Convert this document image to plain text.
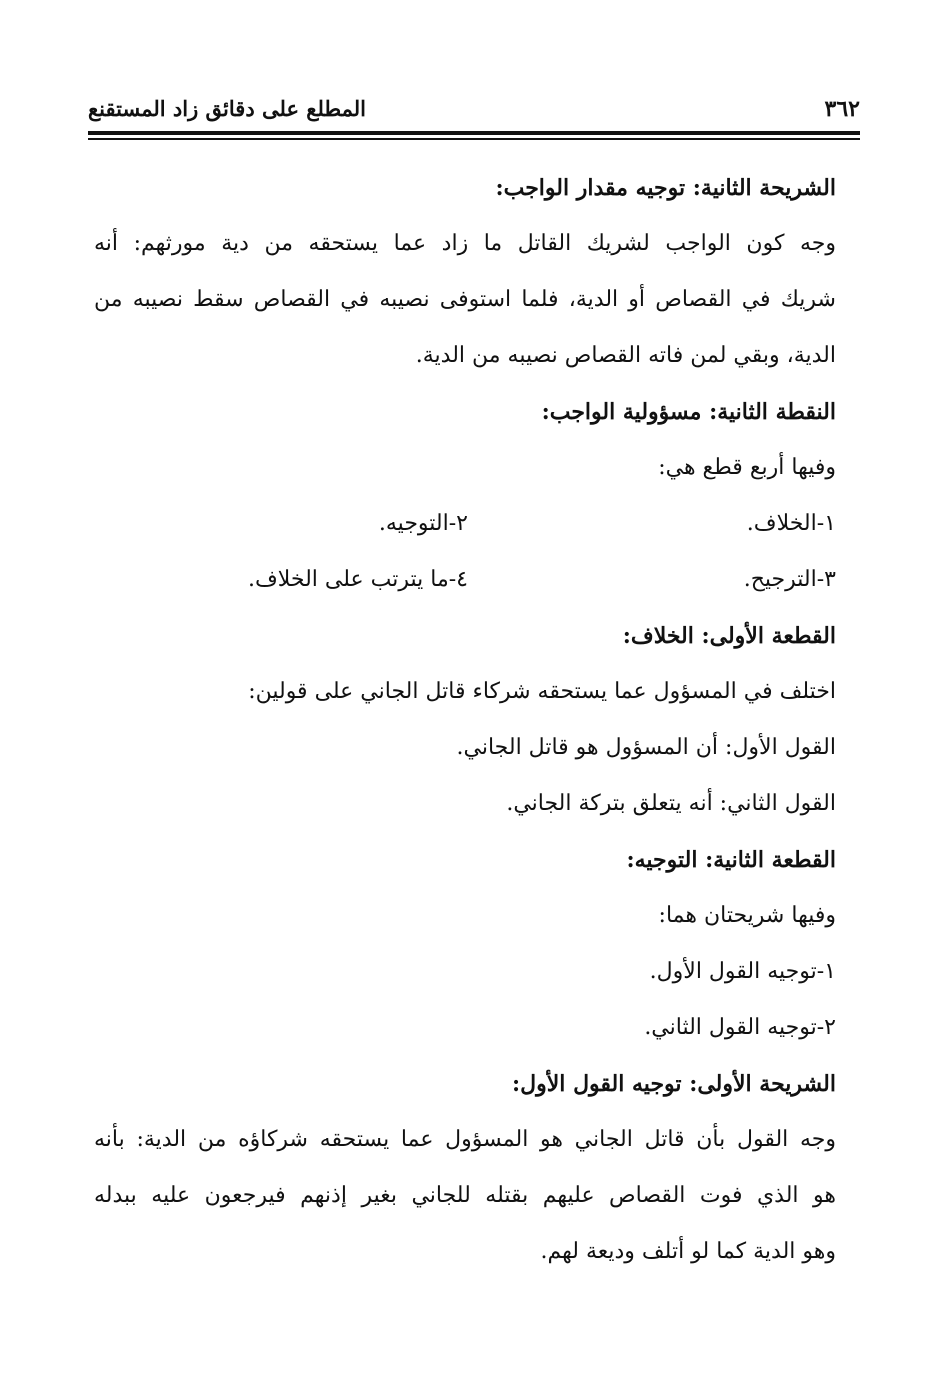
المطلع على دقائق زاد المستقنع	٣٦٢
الشريحة الثانية: توجيه مقدار الواجب:
وجه كون الواجب لشريك القاتل ما زاد عما يستحقه من دية مورثهم: أنه
شريك في القصاص أو الدية، فلما استوفى نصيبه في القصاص سقط نصيبه من
الدية، وبقي لمن فاته القصاص نصيبه من الدية.
النقطة الثانية: مسؤولية الواجب:
وفيها أربع قطع هي:
١-الخلاف.
٢-التوجيه.
٣-الترجيح.
٤-ما يترتب على الخلاف.
القطعة الأولى: الخلاف:
اختلف في المسؤول عما يستحقه شركاء قاتل الجاني على قولين:
القول الأول: أن المسؤول هو قاتل الجاني.
القول الثاني: أنه يتعلق بتركة الجاني.
القطعة الثانية: التوجيه:
وفيها شريحتان هما:
١-توجيه القول الأول.
٢-توجيه القول الثاني.
الشريحة الأولى: توجيه القول الأول:
وجه القول بأن قاتل الجاني هو المسؤول عما يستحقه شركاؤه من الدية: بأنه
هو الذي فوت القصاص عليهم بقتله للجاني بغير إذنهم فيرجعون عليه ببدله
وهو الدية كما لو أتلف وديعة لهم.
